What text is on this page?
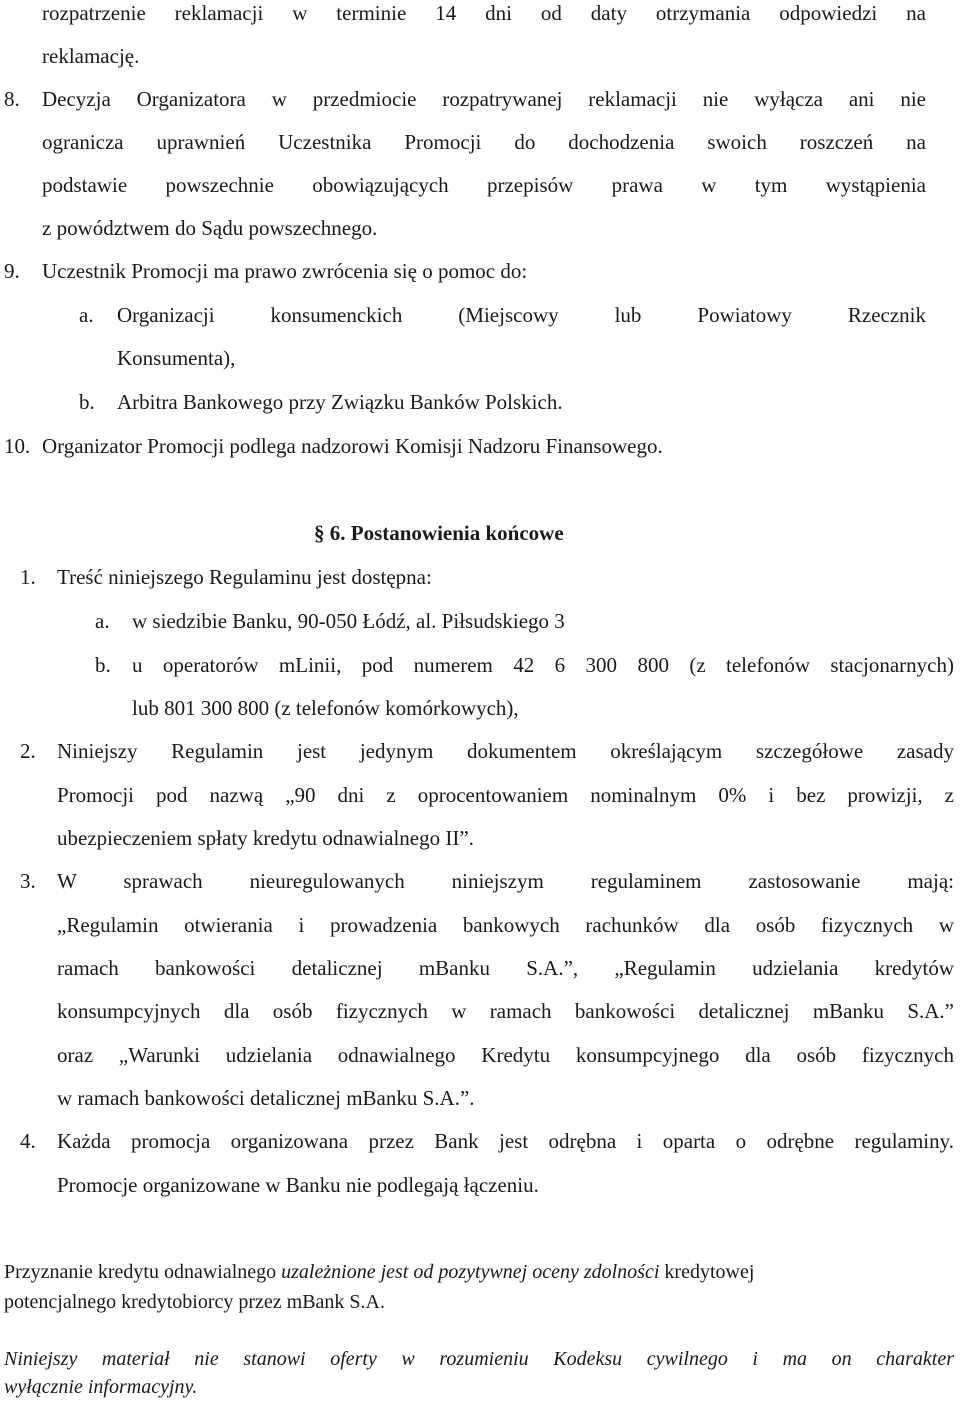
rozpatrzenie reklamacji w terminie 14 dni od daty otrzymania odpowiedzi na
reklamację.
8. Decyzja Organizatora w przedmiocie rozpatrywanej reklamacji nie wyłącza ani nie
ogranicza uprawnień Uczestnika Promocji do dochodzenia swoich roszczeń na
podstawie powszechnie obowiązujących przepisów prawa w tym wystąpienia
z powództwem do Sądu powszechnego.
9. Uczestnik Promocji ma prawo zwrócenia się o pomoc do:
a. Organizacji konsumenckich (Miejscowy lub Powiatowy Rzecznik
Konsumenta),
b. Arbitra Bankowego przy Związku Banków Polskich.
10. Organizator Promocji podlega nadzorowi Komisji Nadzoru Finansowego.
§ 6. Postanowienia końcowe
1. Treść niniejszego Regulaminu jest dostępna:
a. w siedzibie Banku, 90-050 Łódź, al. Piłsudskiego 3
b. u operatorów mLinii, pod numerem 42 6 300 800 (z telefonów stacjonarnych)
lub 801 300 800 (z telefonów komórkowych),
2. Niniejszy Regulamin jest jedynym dokumentem określającym szczegółowe zasady
Promocji pod nazwą „90 dni z oprocentowaniem nominalnym 0% i bez prowizji, z
ubezpieczeniem spłaty kredytu odnawialnego II”.
3. W sprawach nieuregulowanych niniejszym regulaminem zastosowanie mają:
„Regulamin otwierania i prowadzenia bankowych rachunków dla osób fizycznych w
ramach bankowości detalicznej mBanku S.A.”, „Regulamin udzielania kredytów
konsumpcyjnych dla osób fizycznych w ramach bankowości detalicznej mBanku S.A.”
oraz „Warunki udzielania odnawialnego Kredytu konsumpcyjnego dla osób fizycznych
w ramach bankowości detalicznej mBanku S.A.”.
4. Każda promocja organizowana przez Bank jest odrębna i oparta o odrębne regulaminy.
Promocje organizowane w Banku nie podlegają łączeniu.
Przyznanie kredytu odnawialnego uzależnione jest od pozytywnej oceny zdolności kredytowej
potencjalnego kredytobiorcy przez mBank S.A.
Niniejszy materiał nie stanowi oferty w rozumieniu Kodeksu cywilnego i ma on charakter
wyłącznie informacyjny.
